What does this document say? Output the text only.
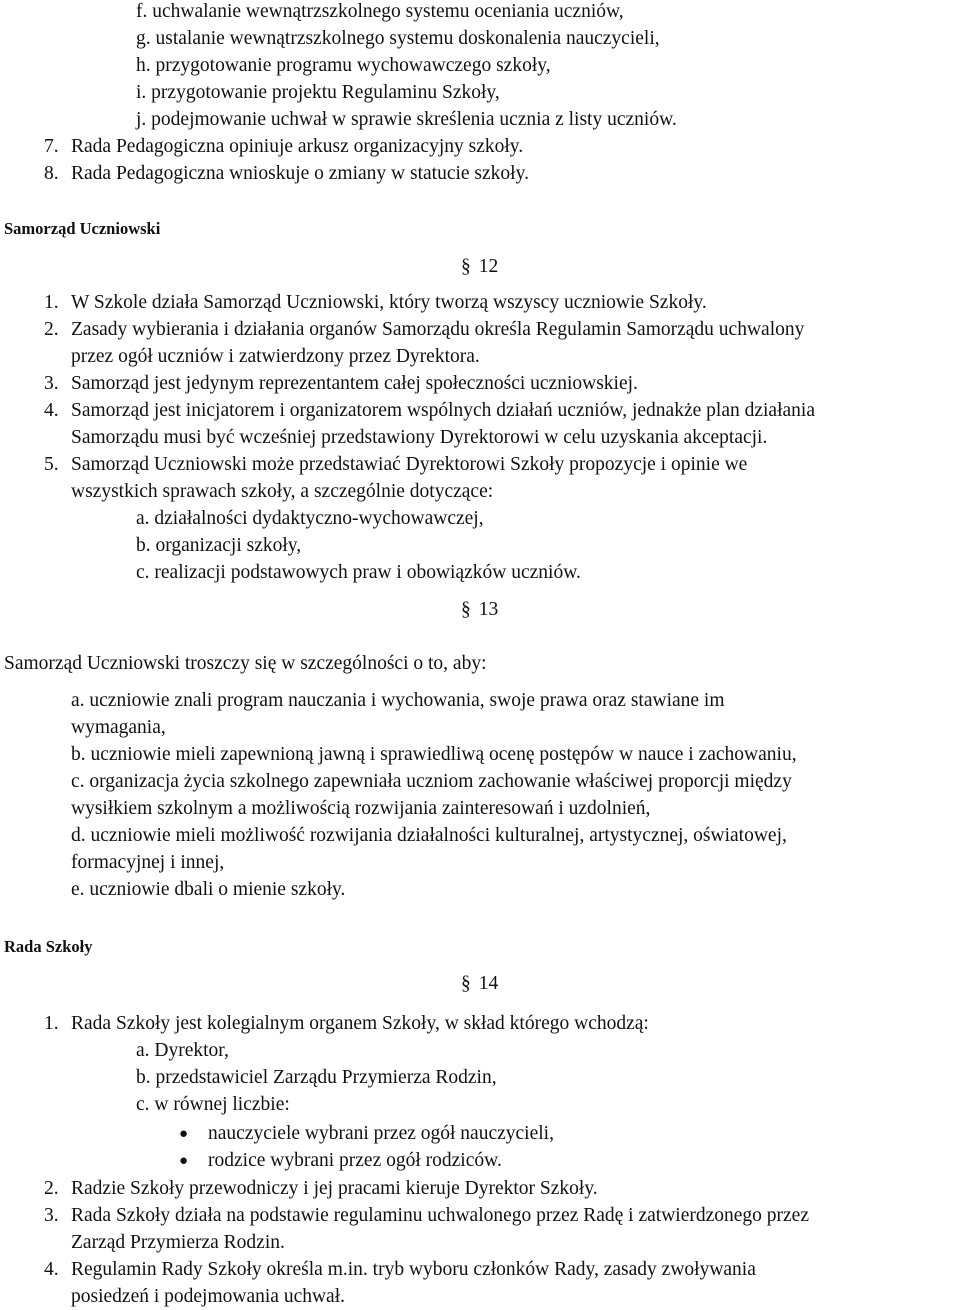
f. uchwalanie wewnątrzszkolnego systemu oceniania uczniów,
g. ustalanie wewnątrzszkolnego systemu doskonalenia nauczycieli,
h. przygotowanie programu wychowawczego szkoły,
i. przygotowanie projektu Regulaminu Szkoły,
j. podejmowanie uchwał w sprawie skreślenia ucznia z listy uczniów.
7. Rada Pedagogiczna opiniuje arkusz organizacyjny szkoły.
8. Rada Pedagogiczna wnioskuje o zmiany w statucie szkoły.
Samorząd Uczniowski
§ 12
1. W Szkole działa Samorząd Uczniowski, który tworzą wszyscy uczniowie Szkoły.
2. Zasady wybierania i działania organów Samorządu określa Regulamin Samorządu uchwalony
przez ogół uczniów i zatwierdzony przez Dyrektora.
3. Samorząd jest jedynym reprezentantem całej społeczności uczniowskiej.
4. Samorząd jest inicjatorem i organizatorem wspólnych działań uczniów, jednakże plan działania
Samorządu musi być wcześniej przedstawiony Dyrektorowi w celu uzyskania akceptacji.
5. Samorząd Uczniowski może przedstawiać Dyrektorowi Szkoły propozycje i opinie we
wszystkich sprawach szkoły, a szczególnie dotyczące:
a. działalności dydaktyczno-wychowawczej,
b. organizacji szkoły,
c. realizacji podstawowych praw i obowiązków uczniów.
§ 13
Samorząd Uczniowski troszczy się w szczególności o to, aby:
a. uczniowie znali program nauczania i wychowania, swoje prawa oraz stawiane im
wymagania,
b. uczniowie mieli zapewnioną jawną i sprawiedliwą ocenę postępów w nauce i zachowaniu,
c. organizacja życia szkolnego zapewniała uczniom zachowanie właściwej proporcji między
wysiłkiem szkolnym a możliwością rozwijania zainteresowań i uzdolnień,
d. uczniowie mieli możliwość rozwijania działalności kulturalnej, artystycznej, oświatowej,
formacyjnej i innej,
e. uczniowie dbali o mienie szkoły.
Rada Szkoły
§ 14
1. Rada Szkoły jest kolegialnym organem Szkoły, w skład którego wchodzą:
a. Dyrektor,
b. przedstawiciel Zarządu Przymierza Rodzin,
c. w równej liczbie:
● nauczyciele wybrani przez ogół nauczycieli,
● rodzice wybrani przez ogół rodziców.
2. Radzie Szkoły przewodniczy i jej pracami kieruje Dyrektor Szkoły.
3. Rada Szkoły działa na podstawie regulaminu uchwalonego przez Radę i zatwierdzonego przez
Zarząd Przymierza Rodzin.
4. Regulamin Rady Szkoły określa m.in. tryb wyboru członków Rady, zasady zwoływania
posiedzeń i podejmowania uchwał.
